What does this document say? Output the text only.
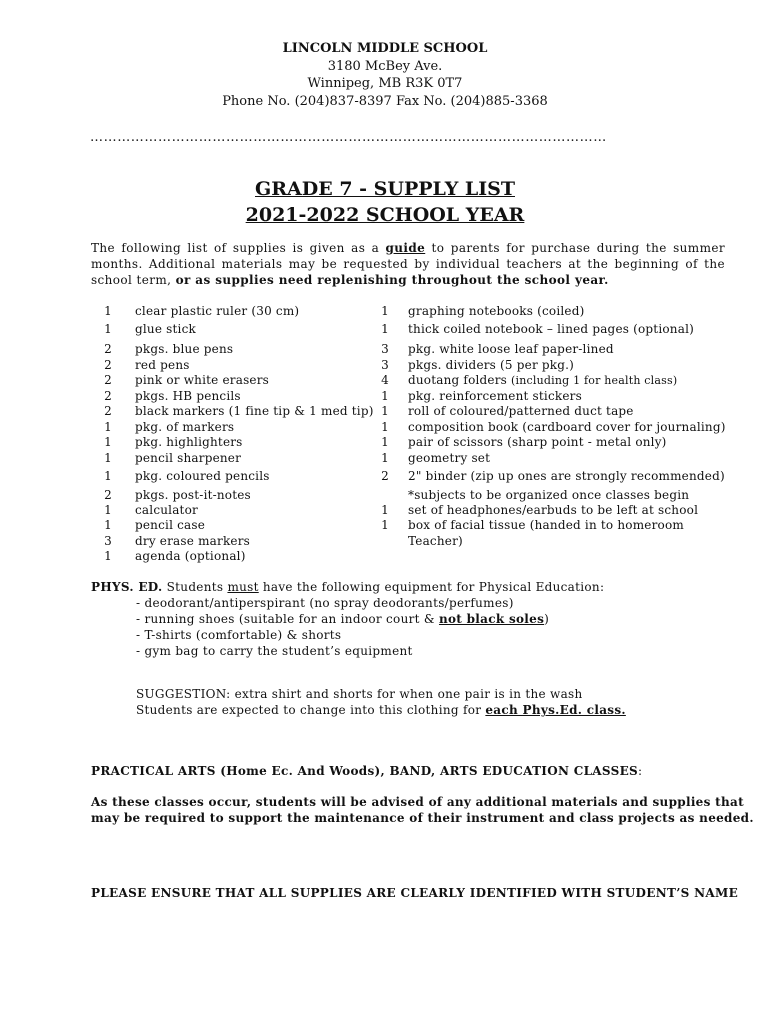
LINCOLN MIDDLE SCHOOL
3180 McBey Ave.
Winnipeg, MB R3K 0T7
Phone No. (204)837-8397 Fax No. (204)885-3368
……………………………………………………………………………………………………
GRADE 7 - SUPPLY LIST
2021-2022 SCHOOL YEAR
The following list of supplies is given as a guide to parents for purchase during the summer months. Additional materials may be requested by individual teachers at the beginning of the school term, or as supplies need replenishing throughout the school year.
1	clear plastic ruler (30 cm)
1	glue stick
2	pkgs. blue pens
2	red pens
2	pink or white erasers
2	pkgs. HB pencils
2	black markers (1 fine tip & 1 med tip)
1	pkg. of markers
1	pkg. highlighters
1	pencil sharpener
1	pkg. coloured pencils
2	pkgs. post-it-notes
1	calculator
1	pencil case
3	dry erase markers
1	agenda (optional)
1	graphing notebooks (coiled)
1	thick coiled notebook – lined pages (optional)
3	pkg. white loose leaf paper-lined
3	pkgs. dividers (5 per pkg.)
4	duotang folders (including 1 for health class)
1	pkg. reinforcement stickers
1	roll of coloured/patterned duct tape
1	composition book (cardboard cover for journaling)
1	pair of scissors (sharp point - metal only)
1	geometry set
2	2" binder (zip up ones are strongly recommended)
*subjects to be organized once classes begin
1	set of headphones/earbuds to be left at school
1	box of facial tissue (handed in to homeroom
Teacher)
PHYS. ED. Students must have the following equipment for Physical Education:
- deodorant/antiperspirant (no spray deodorants/perfumes)
- running shoes (suitable for an indoor court & not black soles)
- T-shirts (comfortable) & shorts
- gym bag to carry the student’s equipment
SUGGESTION: extra shirt and shorts for when one pair is in the wash
Students are expected to change into this clothing for each Phys.Ed. class.
PRACTICAL ARTS (Home Ec. And Woods), BAND, ARTS EDUCATION CLASSES:
As these classes occur, students will be advised of any additional materials and supplies that
may be required to support the maintenance of their instrument and class projects as needed.
PLEASE ENSURE THAT ALL SUPPLIES ARE CLEARLY IDENTIFIED WITH STUDENT’S NAME
